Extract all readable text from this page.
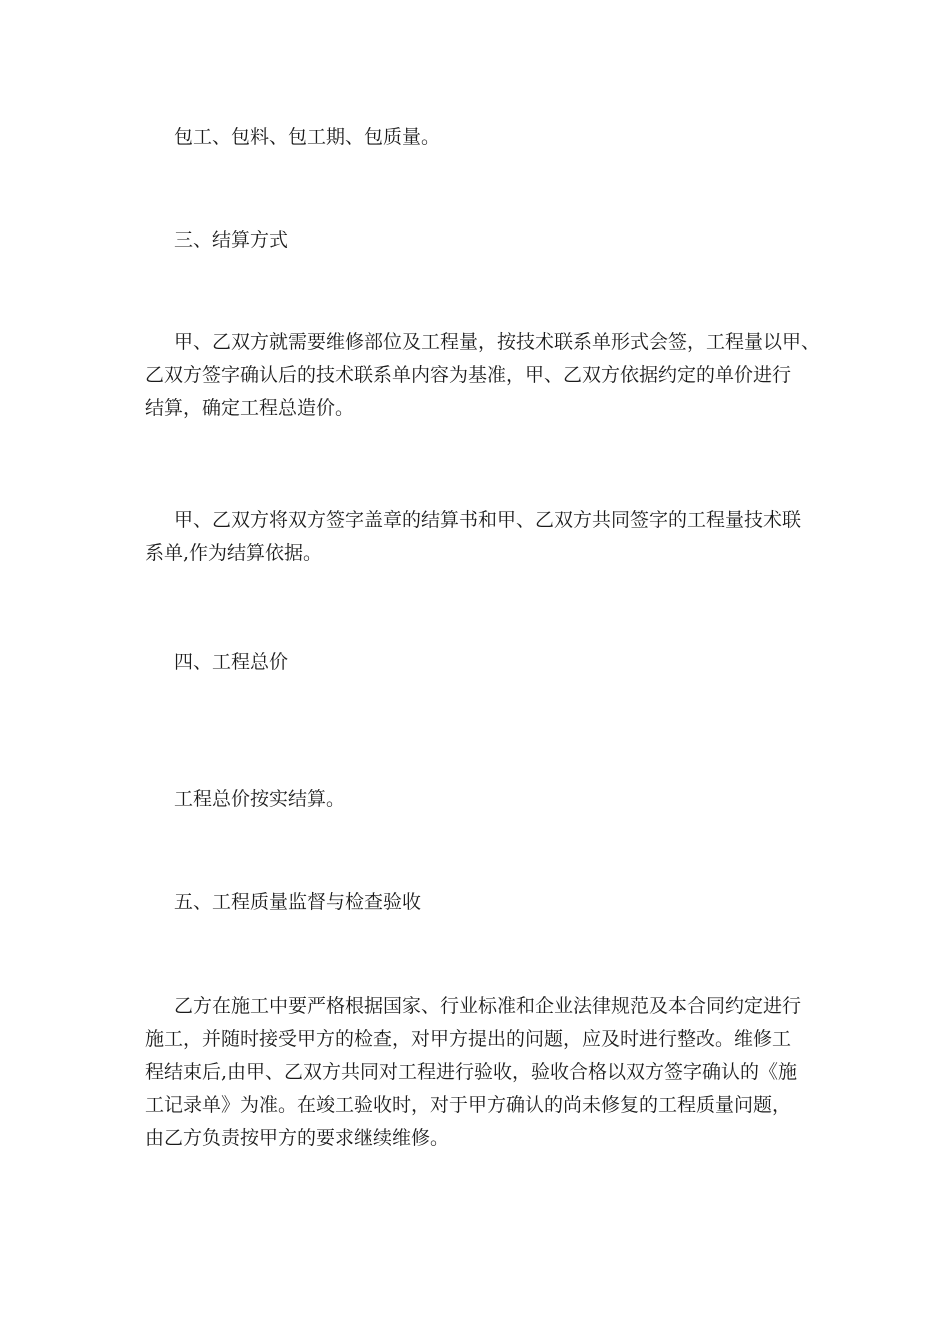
包工、包料、包工期、包质量。
三、结算方式
甲、乙双方就需要维修部位及工程量，按技术联系单形式会签，工程量以甲、
乙双方签字确认后的技术联系单内容为基准，甲、乙双方依据约定的单价进行
结算，确定工程总造价。
甲、乙双方将双方签字盖章的结算书和甲、乙双方共同签字的工程量技术联
系单,作为结算依据。
四、工程总价
工程总价按实结算。
五、工程质量监督与检查验收
乙方在施工中要严格根据国家、行业标准和企业法律规范及本合同约定进行
施工，并随时接受甲方的检查，对甲方提出的问题，应及时进行整改。维修工
程结束后,由甲、乙双方共同对工程进行验收，验收合格以双方签字确认的《施
工记录单》为准。在竣工验收时，对于甲方确认的尚未修复的工程质量问题，
由乙方负责按甲方的要求继续维修。
